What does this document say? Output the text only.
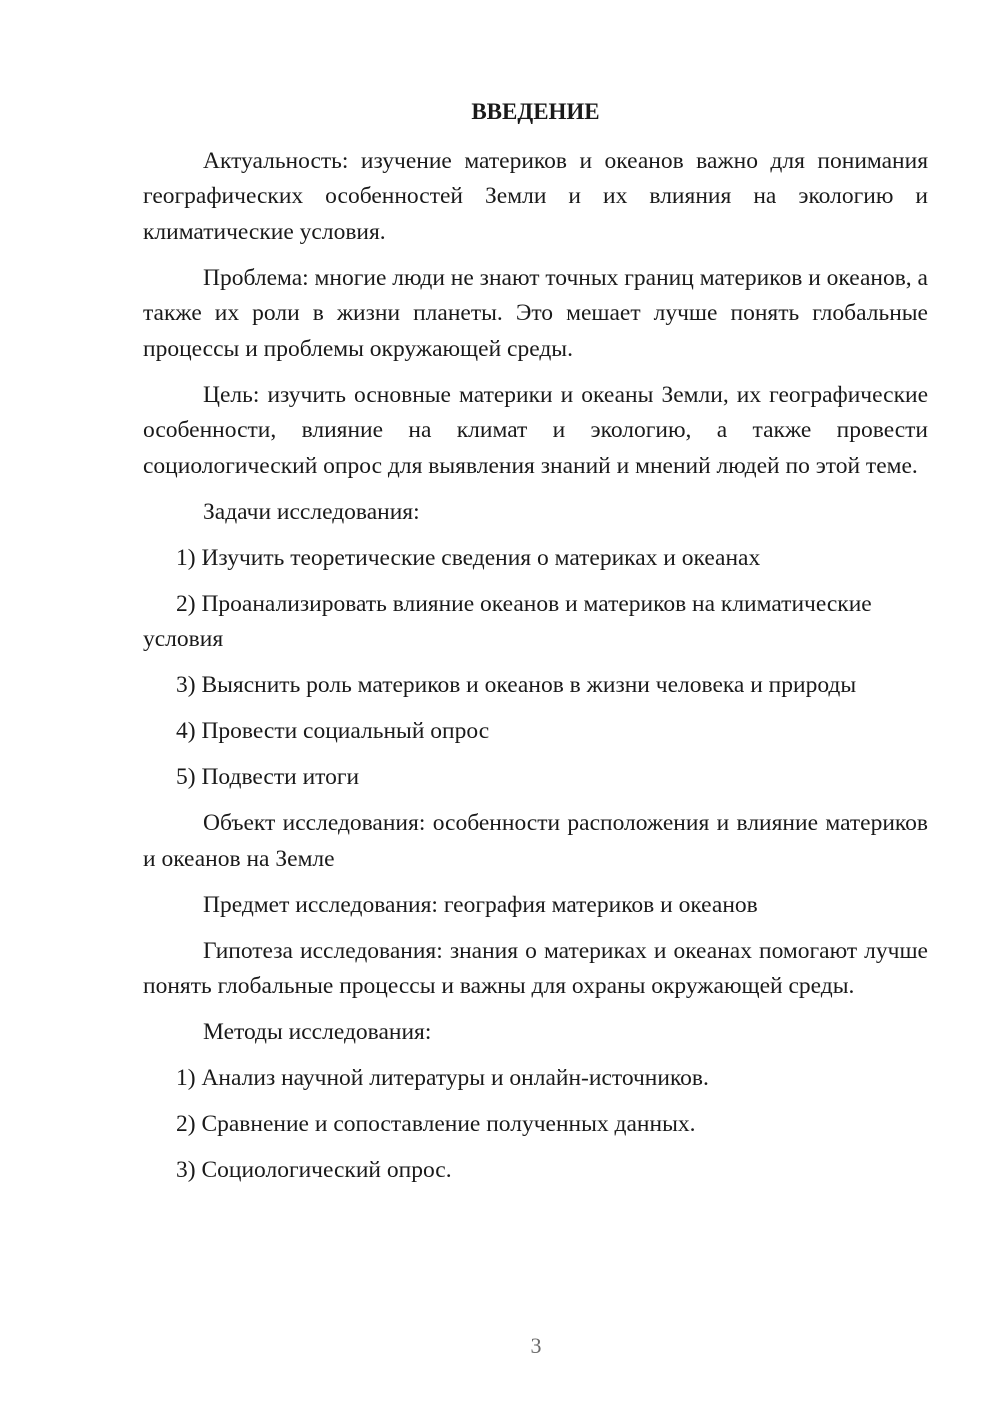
ВВЕДЕНИЕ

Актуальность: изучение материков и океанов важно для понимания географических особенностей Земли и их влияния на экологию и климатические условия.

Проблема: многие люди не знают точных границ материков и океанов, а также их роли в жизни планеты. Это мешает лучше понять глобальные процессы и проблемы окружающей среды.

Цель: изучить основные материки и океаны Земли, их географические особенности, влияние на климат и экологию, а также провести социологический опрос для выявления знаний и мнений людей по этой теме.

Задачи исследования:

1) Изучить теоретические сведения о материках и океанах

2) Проанализировать влияние океанов и материков на климатические условия

3) Выяснить роль материков и океанов в жизни человека и природы

4) Провести социальный опрос

5) Подвести итоги

Объект исследования: особенности расположения и влияние материков и океанов на Земле

Предмет исследования: география материков и океанов

Гипотеза исследования: знания о материках и океанах помогают лучше понять глобальные процессы и важны для охраны окружающей среды.

Методы исследования:

1) Анализ научной литературы и онлайн-источников.

2) Сравнение и сопоставление полученных данных.

3) Социологический опрос.

3
